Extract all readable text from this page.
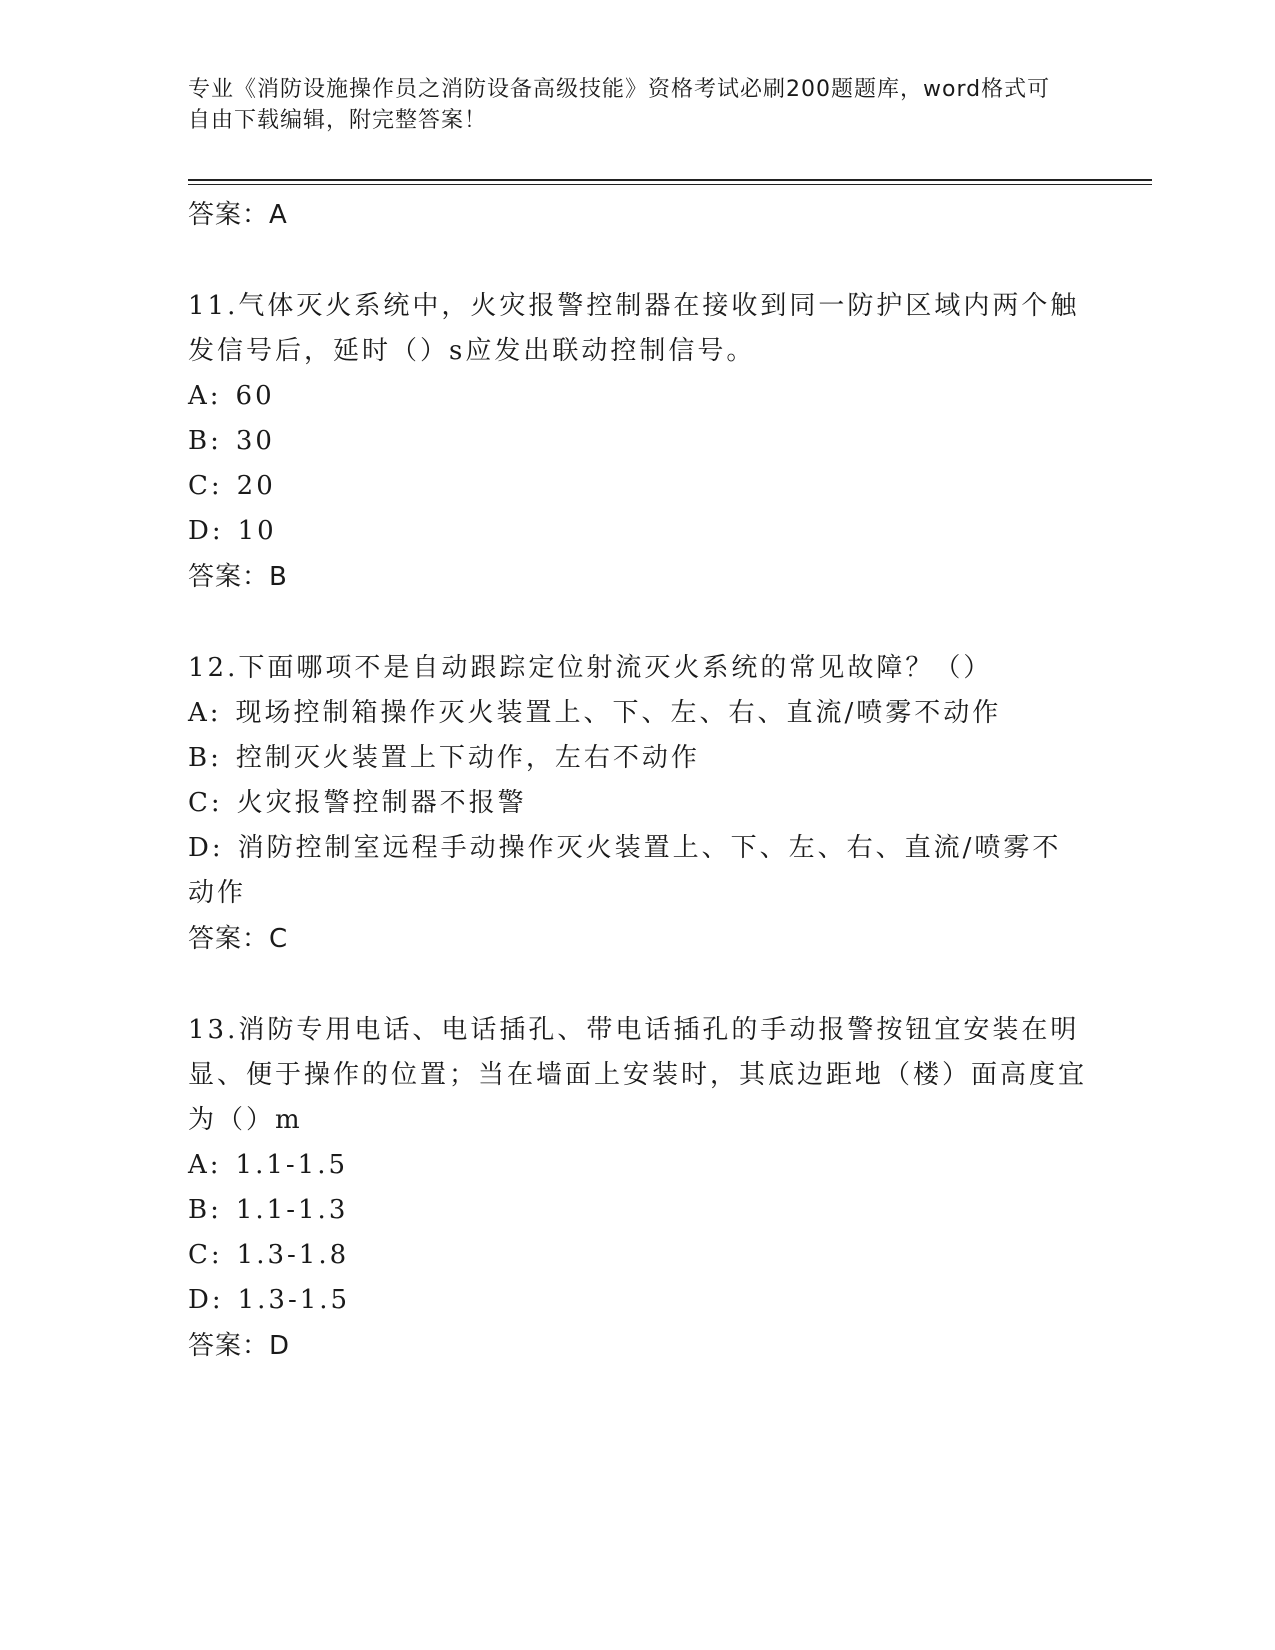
专业《消防设施操作员之消防设备高级技能》资格考试必刷200题题库，word格式可自由下载编辑，附完整答案！
答案：A
11.气体灭火系统中，火灾报警控制器在接收到同一防护区域内两个触发信号后，延时（）s应发出联动控制信号。
A: 60
B: 30
C: 20
D: 10
答案：B
12.下面哪项不是自动跟踪定位射流灭火系统的常见故障？（）
A: 现场控制箱操作灭火装置上、下、左、右、直流/喷雾不动作
B: 控制灭火装置上下动作，左右不动作
C: 火灾报警控制器不报警
D: 消防控制室远程手动操作灭火装置上、下、左、右、直流/喷雾不动作
答案：C
13.消防专用电话、电话插孔、带电话插孔的手动报警按钮宜安装在明显、便于操作的位置；当在墙面上安装时，其底边距地（楼）面高度宜为（）m
A: 1.1-1.5
B: 1.1-1.3
C: 1.3-1.8
D: 1.3-1.5
答案：D
